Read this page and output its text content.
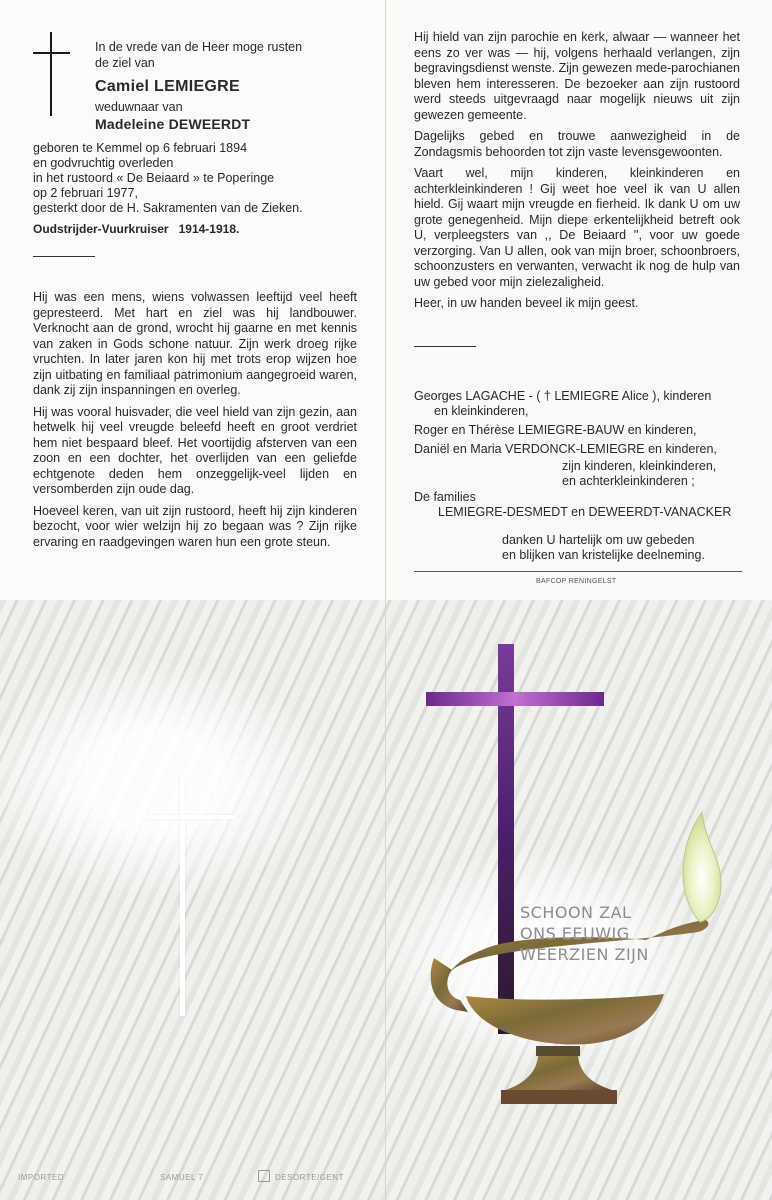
In de vrede van de Heer moge rusten
de ziel van
Camiel LEMIEGRE
weduwnaar van
Madeleine DEWEERDT
geboren te Kemmel op 6 februari 1894
en godvruchtig overleden
in het rustoord « De Beiaard » te Poperinge
op 2 februari 1977,
gesterkt door de H. Sakramenten van de Zieken.
Oudstrijder-Vuurkruiser 1914-1918.

Hij was een mens, wiens volwassen leeftijd veel heeft gepresteerd. Met hart en ziel was hij landbouwer. Verknocht aan de grond, wrocht hij gaarne en met kennis van zaken in Gods schone natuur. Zijn werk droeg rijke vruchten. In later jaren kon hij met trots erop wijzen hoe zijn uitbating en familiaal patrimonium aangegroeid waren, dank zij zijn inspanningen en overleg.

Hij was vooral huisvader, die veel hield van zijn gezin, aan hetwelk hij veel vreugde beleefd heeft en groot verdriet hem niet bespaard bleef. Het voortijdig afsterven van een zoon en een dochter, het overlijden van een geliefde echtgenote deden hem onzeggelijk-veel lijden en versomberden zijn oude dag.

Hoeveel keren, van uit zijn rustoord, heeft hij zijn kinderen bezocht, voor wier welzijn hij zo begaan was ? Zijn rijke ervaring en raadgevingen waren hun een grote steun.

Hij hield van zijn parochie en kerk, alwaar — wanneer het eens zo ver was — hij, volgens herhaald verlangen, zijn begravingsdienst wenste. Zijn gewezen mede-parochianen bleven hem interesseren. De bezoeker aan zijn rustoord werd steeds uitgevraagd naar mogelijk nieuws uit zijn gewezen gemeente.

Dagelijks gebed en trouwe aanwezigheid in de Zondagsmis behoorden tot zijn vaste levensgewoonten.

Vaart wel, mijn kinderen, kleinkinderen en achterkleinkinderen ! Gij weet hoe veel ik van U allen hield. Gij waart mijn vreugde en fierheid. Ik dank U om uw grote genegenheid. Mijn diepe erkentelijkheid betreft ook U, verpleegsters van ,, De Beiaard '', voor uw goede verzorging. Van U allen, ook van mijn broer, schoonbroers, schoonzusters en verwanten, verwacht ik nog de hulp van uw gebed voor mijn zielezaligheid.

Heer, in uw handen beveel ik mijn geest.

Georges LAGACHE - ( † LEMIEGRE Alice ), kinderen
en kleinkinderen,
Roger en Thérèse LEMIEGRE-BAUW en kinderen,
Daniël en Maria VERDONCK-LEMIEGRE en kinderen,
zijn kinderen, kleinkinderen,
en achterkleinkinderen ;
De families
LEMIEGRE-DESMEDT en DEWEERDT-VANACKER
danken U hartelijk om uw gebeden
en blijken van kristelijke deelneming.
BAFCOP RENINGELST
SCHOON ZAL
ONS EEUWIG
WEERZIEN ZIJN
IMPORTED	SAMUEL 7	DESORTE/GENT
